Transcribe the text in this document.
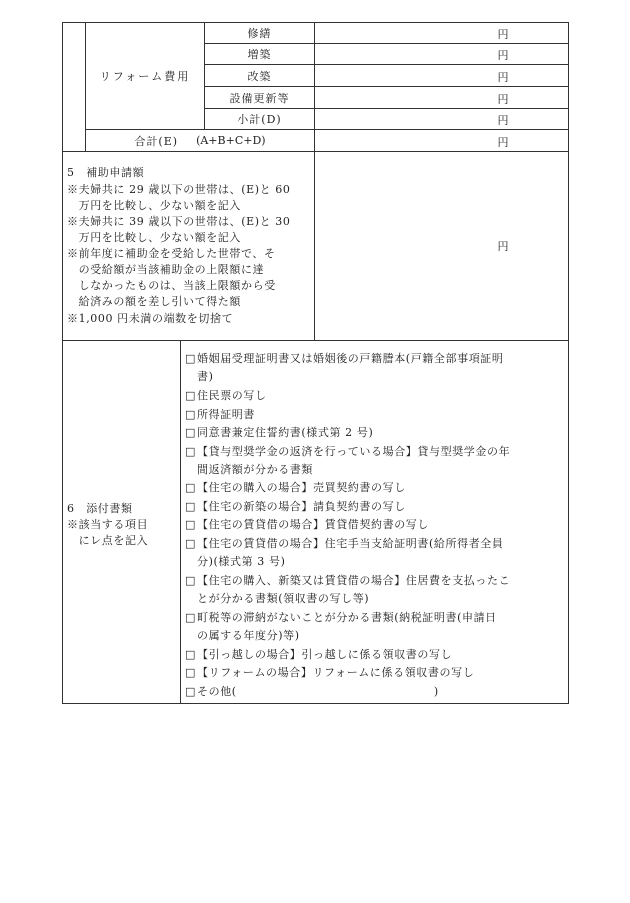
リフォーム費用
修繕
増築
改築
設備更新等
小計(D)
円
円
円
円
円
円
合計(E) (A+B+C+D)
5　補助申請額
※夫婦共に 29 歳以下の世帯は、(E)と 60
　万円を比較し、少ない額を記入
※夫婦共に 39 歳以下の世帯は、(E)と 30
　万円を比較し、少ない額を記入
※前年度に補助金を受給した世帯で、そ
　の受給額が当該補助金の上限額に達
　しなかったものは、当該上限額から受
　給済みの額を差し引いて得た額
※1,000 円未満の端数を切捨て
円
6　添付書類
※該当する項目
　にレ点を記入
□婚姻届受理証明書又は婚姻後の戸籍謄本(戸籍全部事項証明
書)
□住民票の写し
□所得証明書
□同意書兼定住誓約書(様式第 2 号)
□【貸与型奨学金の返済を行っている場合】貸与型奨学金の年
間返済額が分かる書類
□【住宅の購入の場合】売買契約書の写し
□【住宅の新築の場合】請負契約書の写し
□【住宅の賃貸借の場合】賃貸借契約書の写し
□【住宅の賃貸借の場合】住宅手当支給証明書(給所得者全員
分)(様式第 3 号)
□【住宅の購入、新築又は賃貸借の場合】住居費を支払ったこ
とが分かる書類(領収書の写し等)
□町税等の滞納がないことが分かる書類(納税証明書(申請日
の属する年度分)等)
□【引っ越しの場合】引っ越しに係る領収書の写し
□【リフォームの場合】リフォームに係る領収書の写し
□その他(　　　　　　　　　　　　　　　　　)
